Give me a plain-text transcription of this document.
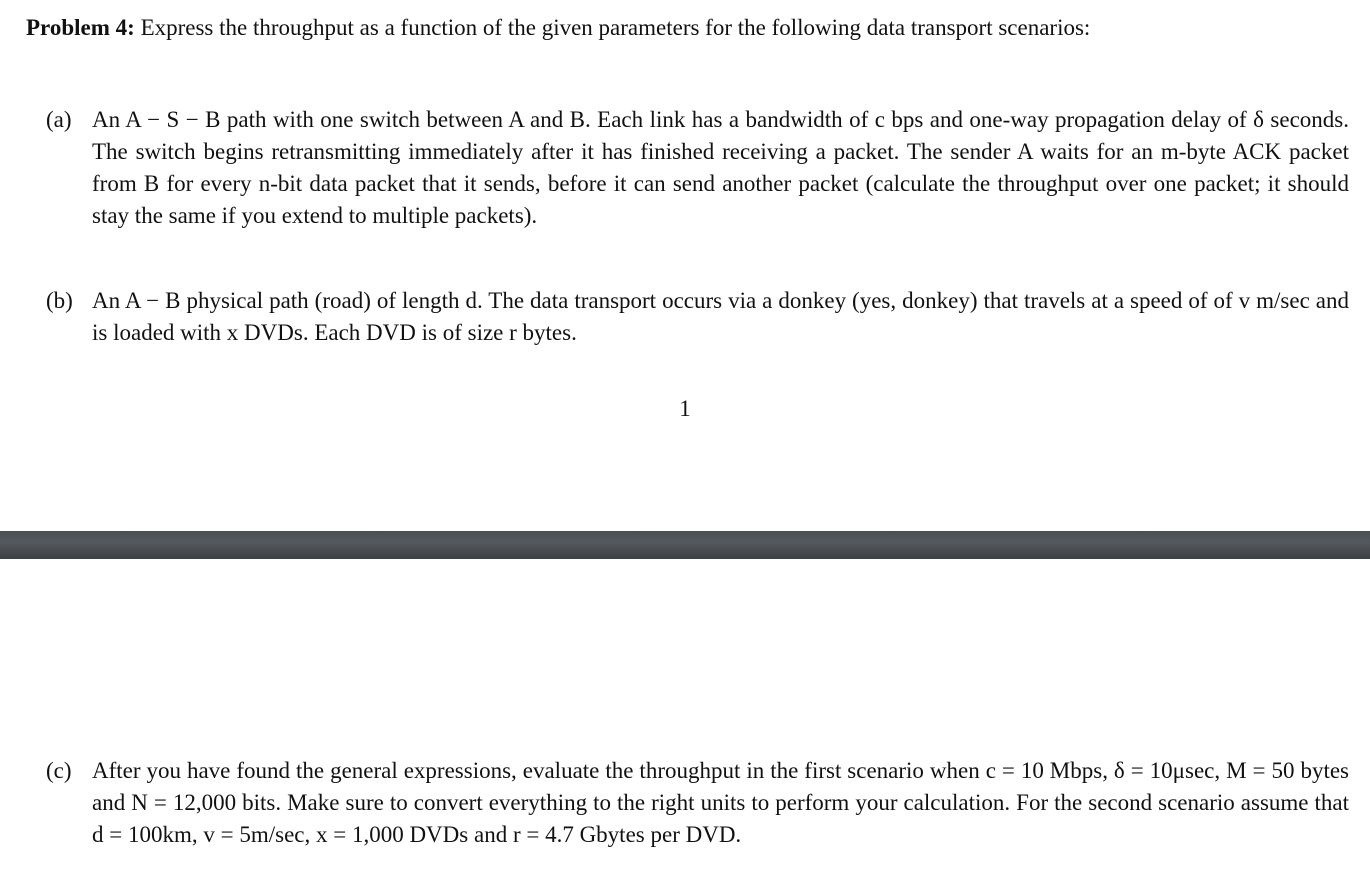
Problem 4: Express the throughput as a function of the given parameters for the following data transport scenarios:
(a) An A − S − B path with one switch between A and B. Each link has a bandwidth of c bps and one-way propagation delay of δ seconds. The switch begins retransmitting immediately after it has finished receiving a packet. The sender A waits for an m-byte ACK packet from B for every n-bit data packet that it sends, before it can send another packet (calculate the throughput over one packet; it should stay the same if you extend to multiple packets).
(b) An A − B physical path (road) of length d. The data transport occurs via a donkey (yes, donkey) that travels at a speed of of v m/sec and is loaded with x DVDs. Each DVD is of size r bytes.
1
(c) After you have found the general expressions, evaluate the throughput in the first scenario when c = 10 Mbps, δ = 10μsec, M = 50 bytes and N = 12,000 bits. Make sure to convert everything to the right units to perform your calculation. For the second scenario assume that d = 100km, v = 5m/sec, x = 1,000 DVDs and r = 4.7 Gbytes per DVD.
